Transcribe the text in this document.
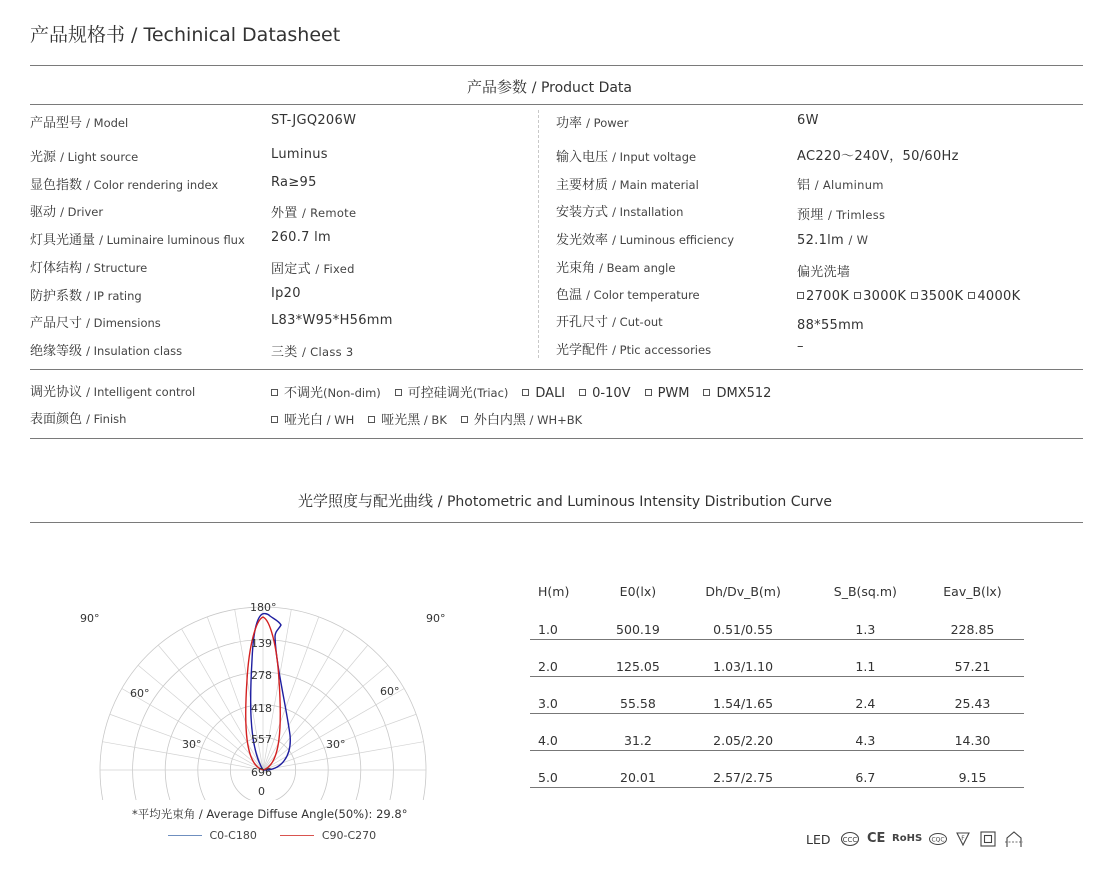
产品规格书 / Techinical Datasheet
产品参数 / Product Data
产品型号 / Model	ST-JGQ206W
光源 / Light source	Luminus
显色指数 / Color rendering index	Ra≥95
驱动 / Driver	外置 / Remote
灯具光通量 / Luminaire luminous flux 260.7 lm
灯体结构 / Structure	固定式 / Fixed
防护系数 / IP rating	Ip20
产品尺寸 / Dimensions	L83*W95*H56mm
绝缘等级 / Insulation class	三类 / Class 3
功率 / Power	6W
输入电压 / Input voltage	AC220～240V，50/60Hz
主要材质 / Main material	铝 / Aluminum
安装方式 / Installation	预埋 / Trimless
发光效率 / Luminous efficiency	52.1lm / W
光束角 / Beam angle	偏光洗墙
色温 / Color temperature	2700K 3000K 3500K 4000K
开孔尺寸 / Cut-out	88*55mm
光学配件 / Ptic accessories	–
调光协议 / Intelligent control	不调光(Non-dim) 可控硅调光(Triac) DALI 0-10V PWM DMX512
表面颜色 / Finish	哑光白 / WH 哑光黑 / BK 外白内黑 / WH+BK
光学照度与配光曲线 / Photometric and Luminous Intensity Distribution Curve
90°	90°
60°	60°
30°	30°
180°
0
139
278
418
557
696
*平均光束角 / Average Diffuse Angle(50%): 29.8°
C0-C180	C90-C270
H(m)	E0(lx)	Dh/Dv_B(m)	S_B(sq.m)	Eav_B(lx)
1.0	500.19	0.51/0.55	1.3	228.85
2.0	125.05	1.03/1.10	1.1	57.21
3.0	55.58	1.54/1.65	2.4	25.43
4.0	31.2	2.05/2.20	4.3	14.30
5.0	20.01	2.57/2.75	6.7	9.15
LED CCC CE RoHS CQC	F
